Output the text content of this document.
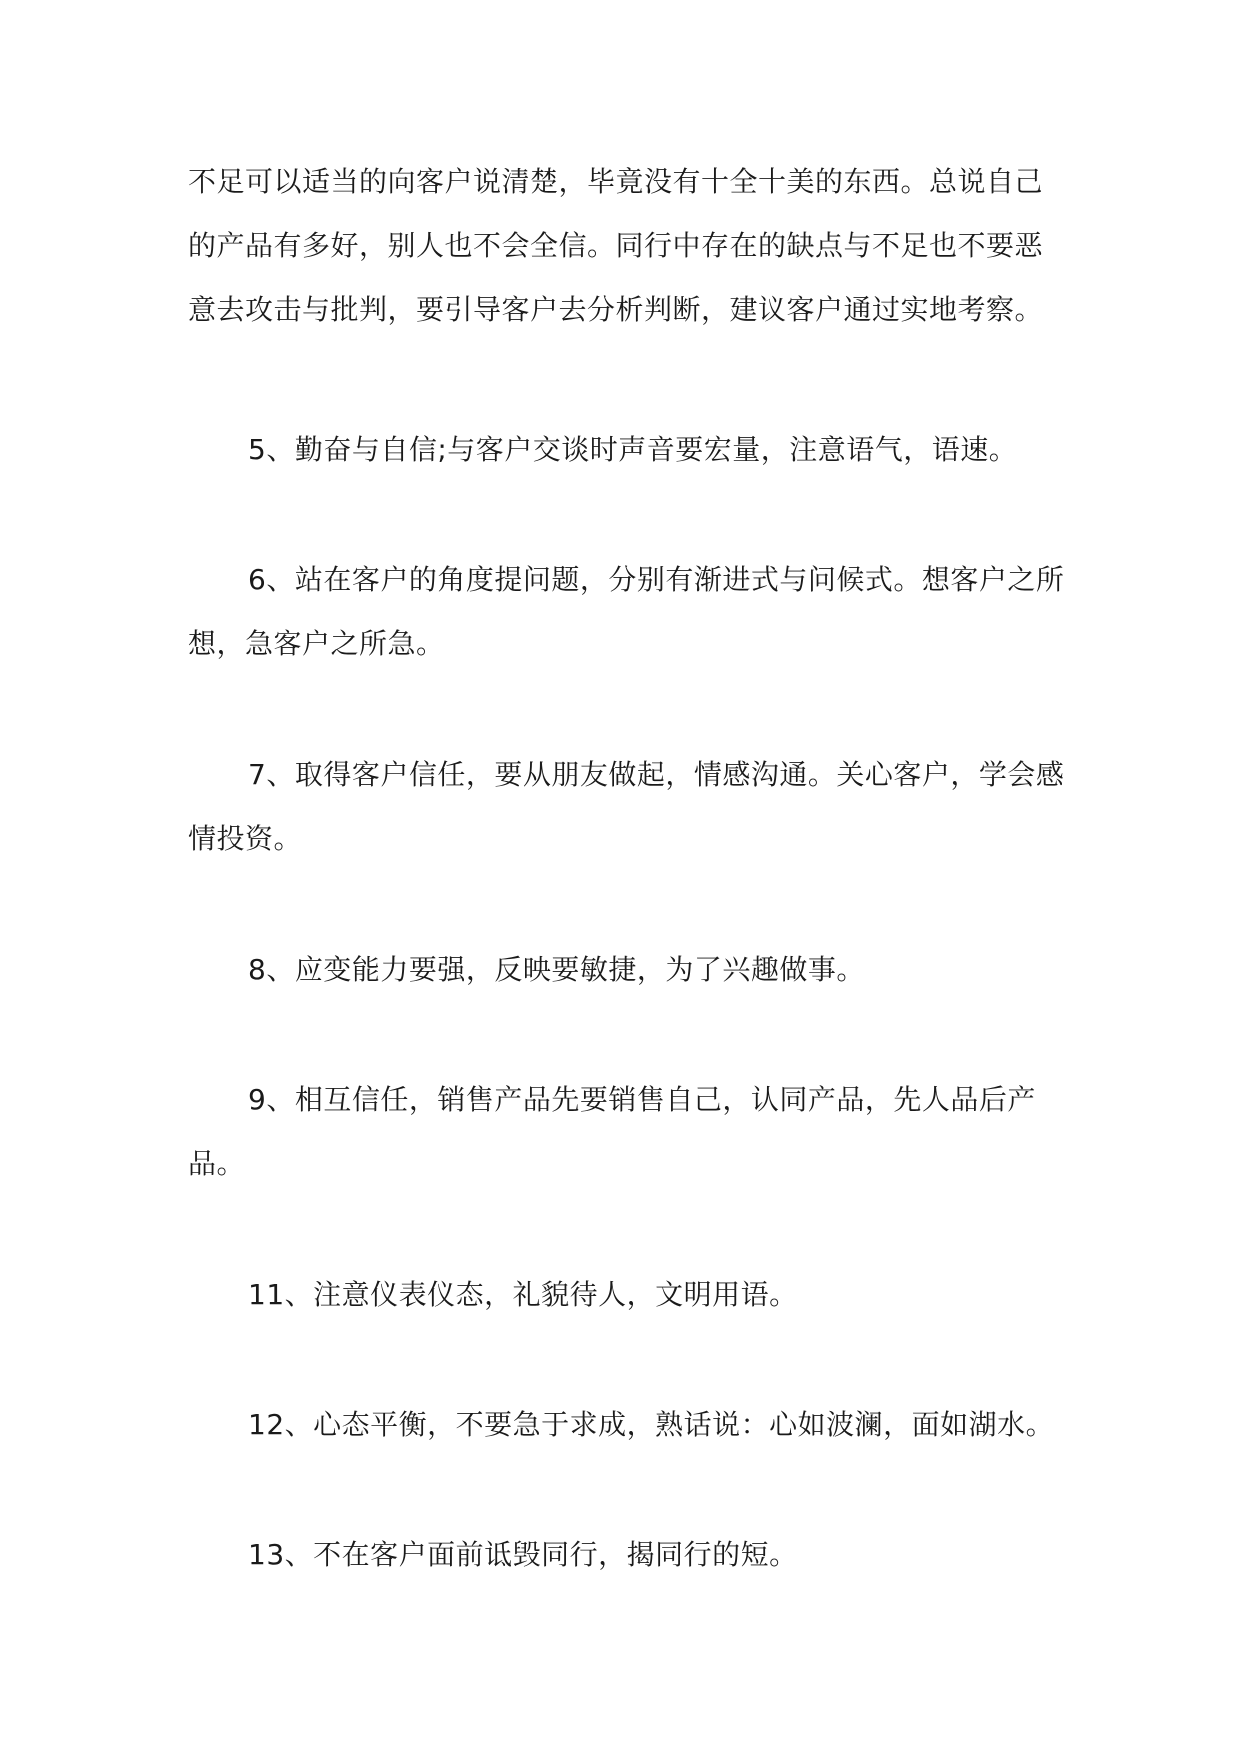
不足可以适当的向客户说清楚，毕竟没有十全十美的东西。总说自己的产品有多好，别人也不会全信。同行中存在的缺点与不足也不要恶意去攻击与批判，要引导客户去分析判断，建议客户通过实地考察。

5、勤奋与自信;与客户交谈时声音要宏量，注意语气，语速。

6、站在客户的角度提问题，分别有渐进式与问候式。想客户之所想，急客户之所急。

7、取得客户信任，要从朋友做起，情感沟通。关心客户，学会感情投资。

8、应变能力要强，反映要敏捷，为了兴趣做事。

9、相互信任，销售产品先要销售自己，认同产品，先人品后产品。

11、注意仪表仪态，礼貌待人，文明用语。

12、心态平衡，不要急于求成，熟话说：心如波澜，面如湖水。

13、不在客户面前诋毁同行，揭同行的短。
